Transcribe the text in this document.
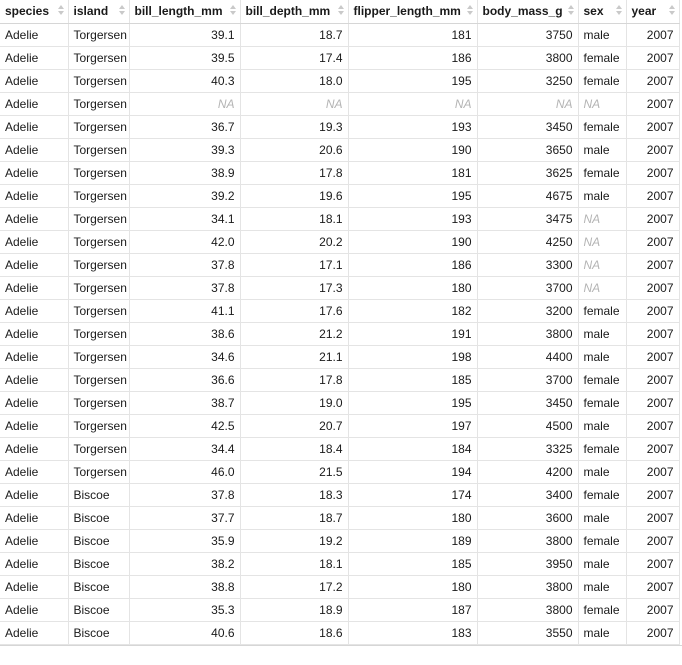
species	island	bill_length_mm	bill_depth_mm	flipper_length_mm	body_mass_g	sex	year

Adelie	Torgersen	39.1	18.7	181	3750	male	2007
Adelie	Torgersen	39.5	17.4	186	3800	female	2007
Adelie	Torgersen	40.3	18.0	195	3250	female	2007
Adelie	Torgersen	NA	NA	NA	NA	NA	2007
Adelie	Torgersen	36.7	19.3	193	3450	female	2007
Adelie	Torgersen	39.3	20.6	190	3650	male	2007
Adelie	Torgersen	38.9	17.8	181	3625	female	2007
Adelie	Torgersen	39.2	19.6	195	4675	male	2007
Adelie	Torgersen	34.1	18.1	193	3475	NA	2007
Adelie	Torgersen	42.0	20.2	190	4250	NA	2007
Adelie	Torgersen	37.8	17.1	186	3300	NA	2007
Adelie	Torgersen	37.8	17.3	180	3700	NA	2007
Adelie	Torgersen	41.1	17.6	182	3200	female	2007
Adelie	Torgersen	38.6	21.2	191	3800	male	2007
Adelie	Torgersen	34.6	21.1	198	4400	male	2007
Adelie	Torgersen	36.6	17.8	185	3700	female	2007
Adelie	Torgersen	38.7	19.0	195	3450	female	2007
Adelie	Torgersen	42.5	20.7	197	4500	male	2007
Adelie	Torgersen	34.4	18.4	184	3325	female	2007
Adelie	Torgersen	46.0	21.5	194	4200	male	2007
Adelie	Biscoe	37.8	18.3	174	3400	female	2007
Adelie	Biscoe	37.7	18.7	180	3600	male	2007
Adelie	Biscoe	35.9	19.2	189	3800	female	2007
Adelie	Biscoe	38.2	18.1	185	3950	male	2007
Adelie	Biscoe	38.8	17.2	180	3800	male	2007
Adelie	Biscoe	35.3	18.9	187	3800	female	2007
Adelie	Biscoe	40.6	18.6	183	3550	male	2007
